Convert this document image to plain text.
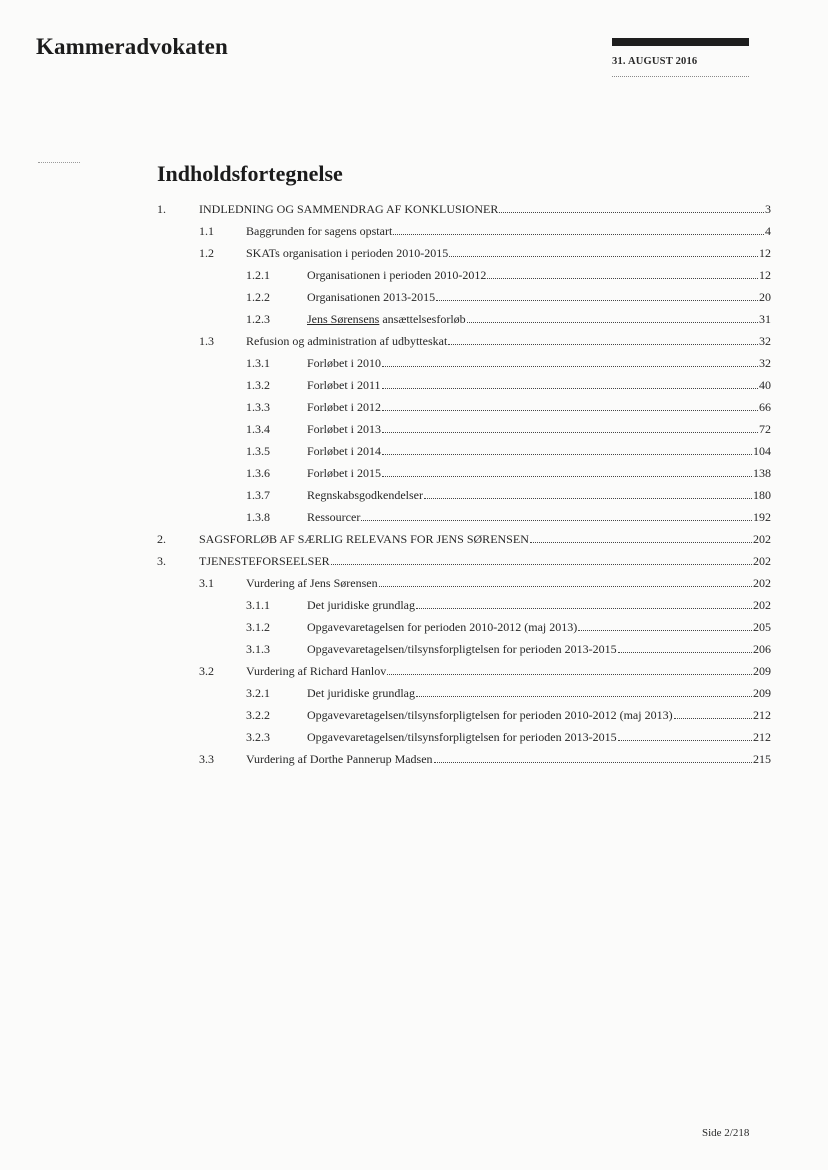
Kammeradvokaten
31. AUGUST 2016
Indholdsfortegnelse
1.	INDLEDNING OG SAMMENDRAG AF KONKLUSIONER	3
1.1	Baggrunden for sagens opstart	4
1.2	SKATs organisation i perioden 2010-2015	12
1.2.1	Organisationen i perioden 2010-2012	12
1.2.2	Organisationen 2013-2015	20
1.2.3	Jens Sørensens ansættelsesforløb	31
1.3	Refusion og administration af udbytteskat	32
1.3.1	Forløbet i 2010	32
1.3.2	Forløbet i 2011	40
1.3.3	Forløbet i 2012	66
1.3.4	Forløbet i 2013	72
1.3.5	Forløbet i 2014	104
1.3.6	Forløbet i 2015	138
1.3.7	Regnskabsgodkendelser	180
1.3.8	Ressourcer	192
2.	SAGSFORLØB AF SÆRLIG RELEVANS FOR JENS SØRENSEN	202
3.	TJENESTEFORSEELSER	202
3.1	Vurdering af Jens Sørensen	202
3.1.1	Det juridiske grundlag	202
3.1.2	Opgavevaretagelsen for perioden 2010-2012 (maj 2013)	205
3.1.3	Opgavevaretagelsen/tilsynsforpligtelsen for perioden 2013-2015	206
3.2	Vurdering af Richard Hanlov	209
3.2.1	Det juridiske grundlag	209
3.2.2	Opgavevaretagelsen/tilsynsforpligtelsen for perioden 2010-2012 (maj 2013)	212
3.2.3	Opgavevaretagelsen/tilsynsforpligtelsen for perioden 2013-2015	212
3.3	Vurdering af Dorthe Pannerup Madsen	215
Side 2/218
